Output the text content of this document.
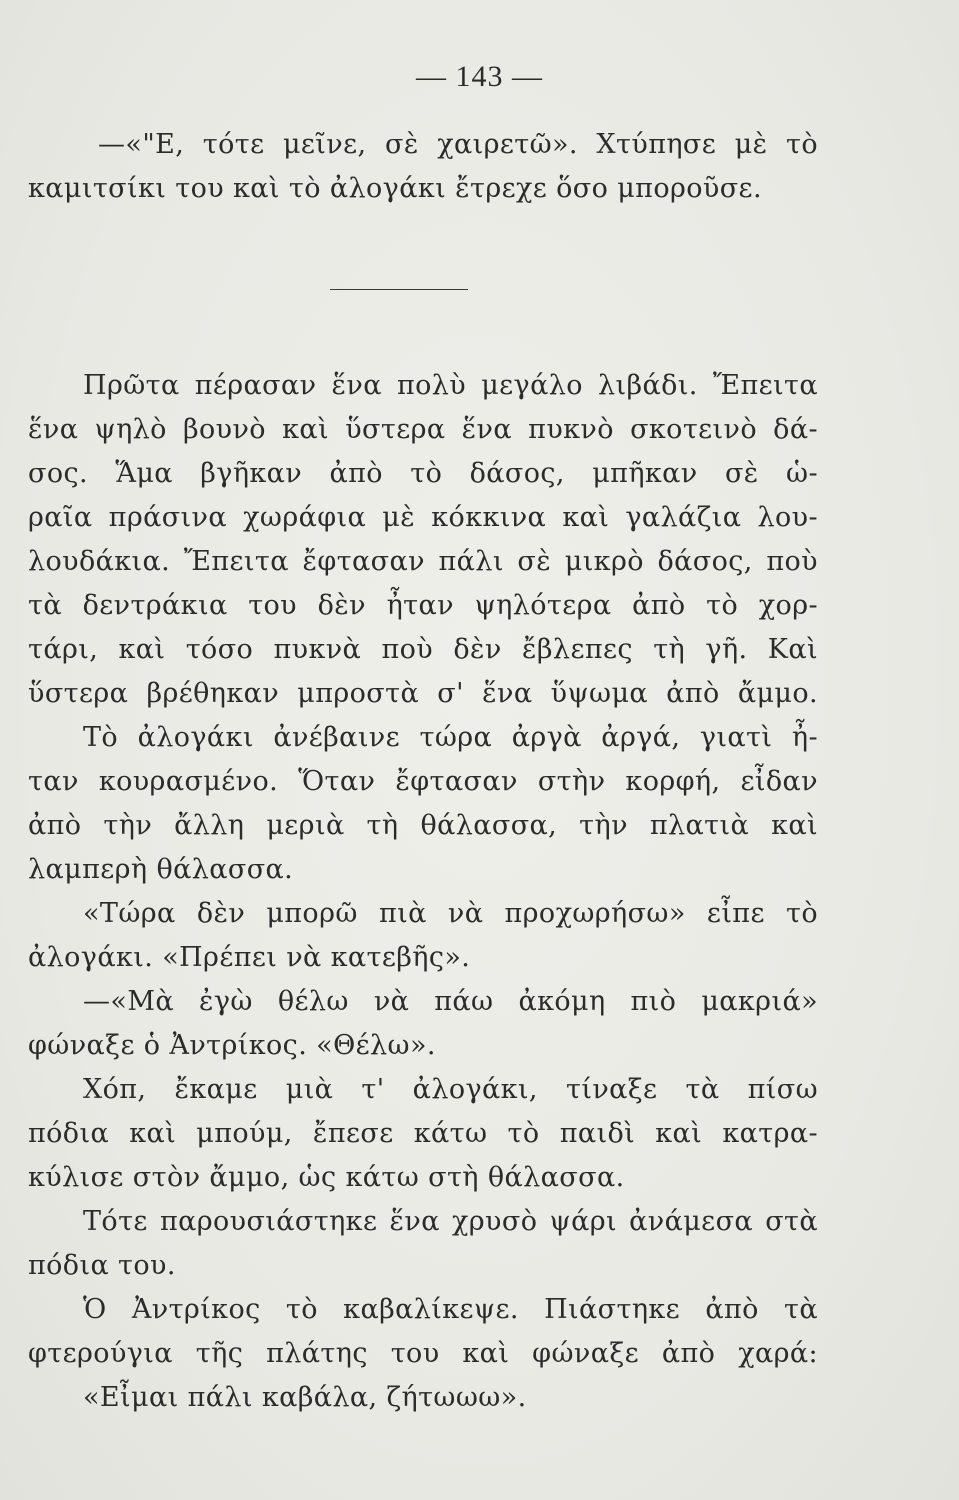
— 143 —
—«"Ε, τότε μεῖνε, σὲ χαιρετῶ». Χτύπησε μὲ τὸ
καμιτσίκι του καὶ τὸ ἀλογάκι ἔτρεχε ὅσο μποροῦσε.
Πρῶτα πέρασαν ἕνα πολὺ μεγάλο λιβάδι. Ἔπειτα
ἕνα ψηλὸ βουνὸ καὶ ὕστερα ἕνα πυκνὸ σκοτεινὸ δά-
σος. Ἅμα βγῆκαν ἀπὸ τὸ δάσος, μπῆκαν σὲ ὡ-
ραῖα πράσινα χωράφια μὲ κόκκινα καὶ γαλάζια λου-
λουδάκια. Ἔπειτα ἔφτασαν πάλι σὲ μικρὸ δάσος, ποὺ
τὰ δεντράκια του δὲν ἦταν ψηλότερα ἀπὸ τὸ χορ-
τάρι, καὶ τόσο πυκνὰ ποὺ δὲν ἔβλεπες τὴ γῆ. Καὶ
ὕστερα βρέθηκαν μπροστὰ σ' ἕνα ὕψωμα ἀπὸ ἄμμο.
Τὸ ἀλογάκι ἀνέβαινε τώρα ἀργὰ ἀργά, γιατὶ ἦ-
ταν κουρασμένο. Ὅταν ἔφτασαν στὴν κορφή, εἶδαν
ἀπὸ τὴν ἄλλη μεριὰ τὴ θάλασσα, τὴν πλατιὰ καὶ
λαμπερὴ θάλασσα.
«Τώρα δὲν μπορῶ πιὰ νὰ προχωρήσω» εἶπε τὸ
ἀλογάκι. «Πρέπει νὰ κατεβῆς».
—«Μὰ ἐγὼ θέλω νὰ πάω ἀκόμη πιὸ μακριά»
φώναξε ὁ Ἀντρίκος. «Θέλω».
Χόπ, ἔκαμε μιὰ τ' ἀλογάκι, τίναξε τὰ πίσω
πόδια καὶ μπούμ, ἔπεσε κάτω τὸ παιδὶ καὶ κατρα-
κύλισε στὸν ἄμμο, ὡς κάτω στὴ θάλασσα.
Τότε παρουσιάστηκε ἕνα χρυσὸ ψάρι ἀνάμεσα στὰ
πόδια του.
Ὁ Ἀντρίκος τὸ καβαλίκεψε. Πιάστηκε ἀπὸ τὰ
φτερούγια τῆς πλάτης του καὶ φώναξε ἀπὸ χαρά:
«Εἶμαι πάλι καβάλα, ζήτωωω».
